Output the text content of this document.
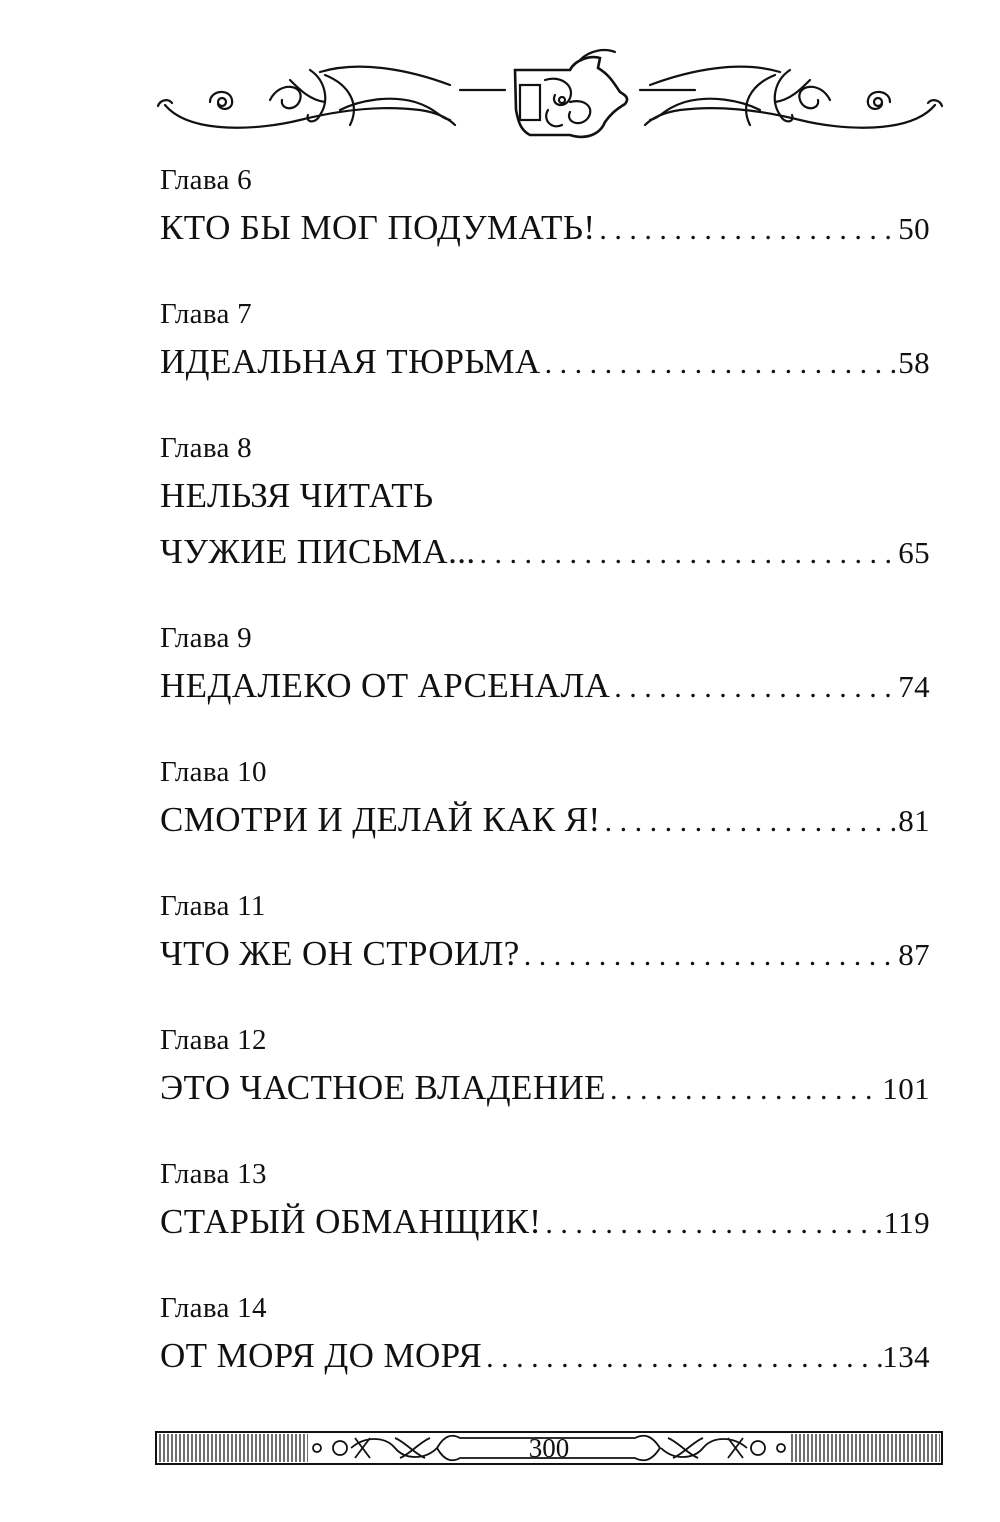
Глава 6
КТО БЫ МОГ ПОДУМАТЬ! . . .	50
Глава 7
ИДЕАЛЬНАЯ ТЮРЬМА . . .	58
Глава 8
НЕЛЬЗЯ ЧИТАТЬ
ЧУЖИЕ ПИСЬМА... . . .	65
Глава 9
НЕДАЛЕКО ОТ АРСЕНАЛА . . .	74
Глава 10
СМОТРИ И ДЕЛАЙ КАК Я! . . .	81
Глава 11
ЧТО ЖЕ ОН СТРОИЛ? . . .	87
Глава 12
ЭТО ЧАСТНОЕ ВЛАДЕНИЕ . . .	101
Глава 13
СТАРЫЙ ОБМАНЩИК! . . .	119
Глава 14
ОТ МОРЯ ДО МОРЯ . . .	134
300
